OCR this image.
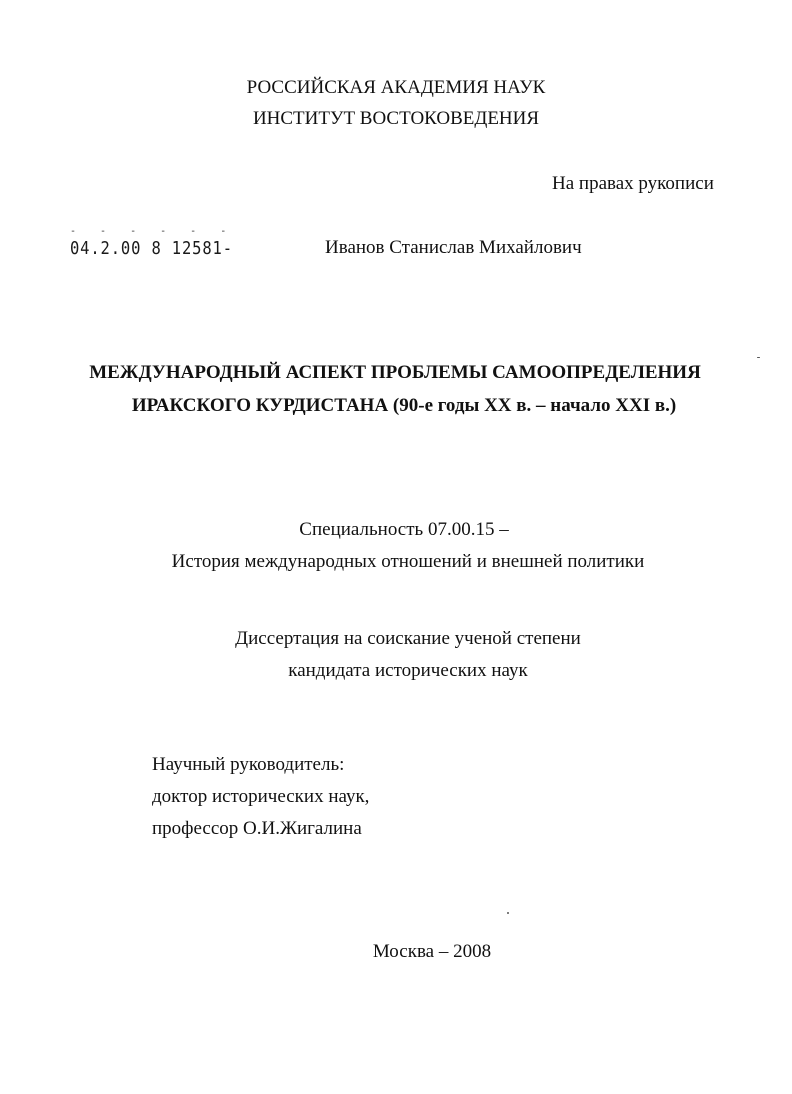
РОССИЙСКАЯ АКАДЕМИЯ НАУК
ИНСТИТУТ ВОСТОКОВЕДЕНИЯ
На правах рукописи
- - - - - -
04.2.00 8 12581-	Иванов Станислав Михайлович
МЕЖДУНАРОДНЫЙ АСПЕКТ ПРОБЛЕМЫ САМООПРЕДЕЛЕНИЯ
ИРАКСКОГО КУРДИСТАНА (90-е годы XX в. – начало XXI в.)
Специальность 07.00.15 –
История международных отношений и внешней политики
Диссертация на соискание ученой степени
кандидата исторических наук
Научный руководитель:
доктор исторических наук,
профессор О.И.Жигалина
Москва – 2008
